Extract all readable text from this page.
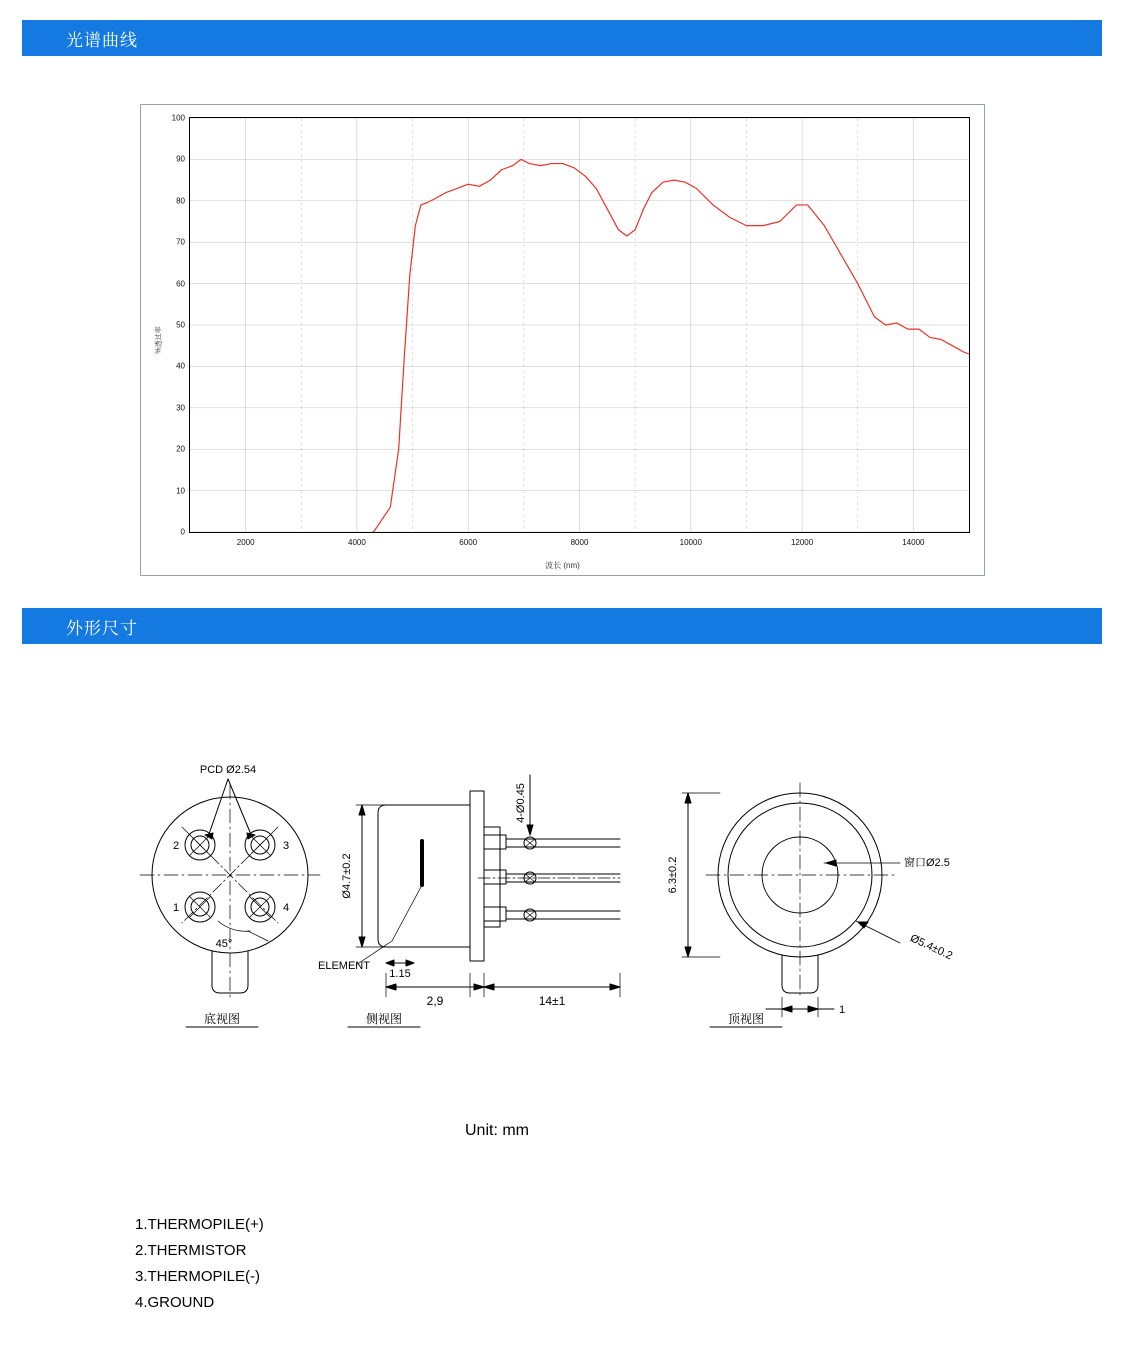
光谱曲线
%透过率
波长 (nm)
0
10
20
30
40
50
60
70
80
90
100
2000	4000	6000	8000	10000	12000	14000
外形尺寸
PCD Ø2.54
2	3
1	4
45°
底视图
Ø4.7±0.2
4-Ø0.45
ELEMENT
1.15
2,9	14±1
侧视图
6.3±0.2	窗口Ø2.5
Ø5.4±0.2
1
顶视图
Unit: mm
1.THERMOPILE(+)
2.THERMISTOR
3.THERMOPILE(-)
4.GROUND
